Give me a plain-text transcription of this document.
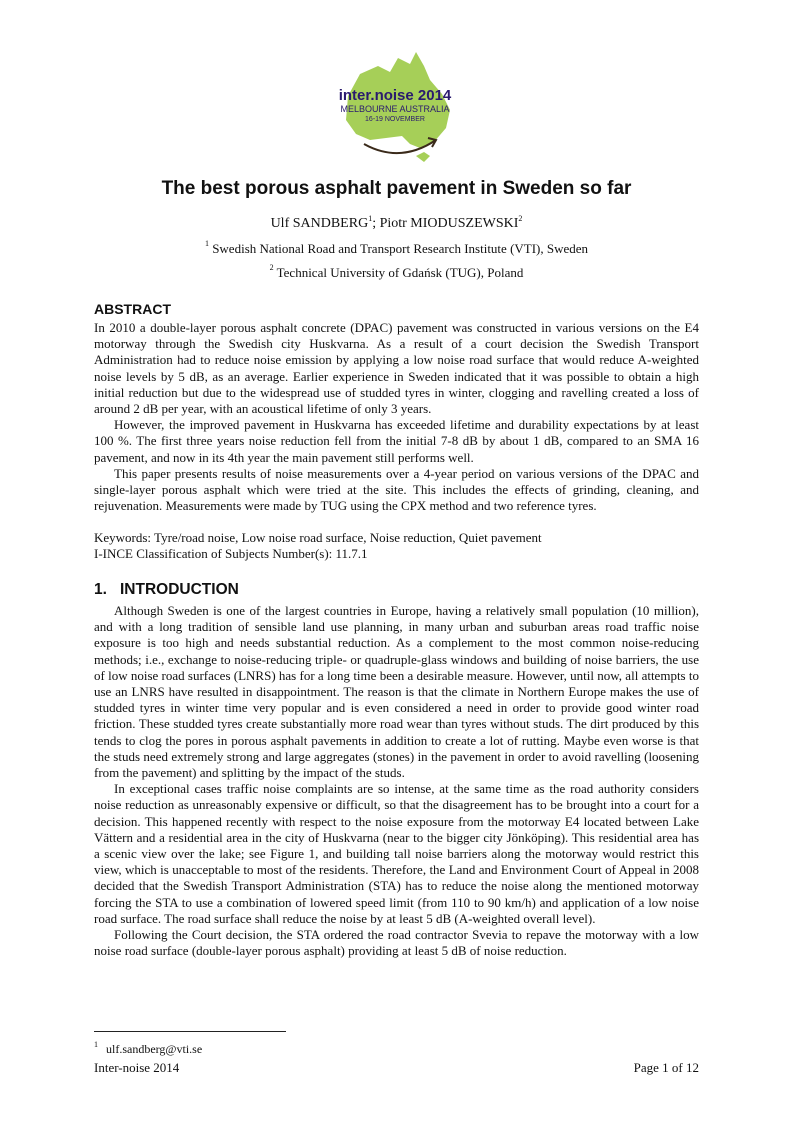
inter.noise 2014
MELBOURNE AUSTRALIA
16-19 NOVEMBER
The best porous asphalt pavement in Sweden so far
Ulf SANDBERG$^1$; Piotr MIODUSZEWSKI$^2$
$^1$ Swedish National Road and Transport Research Institute (VTI), Sweden
$^2$ Technical University of Gdańsk (TUG), Poland
ABSTRACT

In 2010 a double-layer porous asphalt concrete (DPAC) pavement was constructed in various versions on the E4 motorway through the Swedish city Huskvarna. As a result of a court decision the Swedish Transport Administration had to reduce noise emission by applying a low noise road surface that would reduce A-weighted noise levels by 5 dB, as an average. Earlier experience in Sweden indicated that it was possible to obtain a high initial reduction but due to the widespread use of studded tyres in winter, clogging and ravelling created a loss of around 2 dB per year, with an acoustical lifetime of only 3 years.

However, the improved pavement in Huskvarna has exceeded lifetime and durability expectations by at least 100 %. The first three years noise reduction fell from the initial 7-8 dB by about 1 dB, compared to an SMA 16 pavement, and now in its 4th year the main pavement still performs well.

This paper presents results of noise measurements over a 4-year period on various versions of the DPAC and single-layer porous asphalt which were tried at the site. This includes the effects of grinding, cleaning, and rejuvenation. Measurements were made by TUG using the CPX method and two reference tyres.

Keywords: Tyre/road noise, Low noise road surface, Noise reduction, Quiet pavement

I-INCE Classification of Subjects Number(s): 11.7.1

1. INTRODUCTION

Although Sweden is one of the largest countries in Europe, having a relatively small population (10 million), and with a long tradition of sensible land use planning, in many urban and suburban areas road traffic noise exposure is too high and needs substantial reduction. As a complement to the most common noise-reducing methods; i.e., exchange to noise-reducing triple- or quadruple-glass windows and building of noise barriers, the use of low noise road surfaces (LNRS) has for a long time been a desirable measure. However, until now, all attempts to use an LNRS have resulted in disappointment. The reason is that the climate in Northern Europe makes the use of studded tyres in winter time very popular and is even considered a need in order to provide good winter road friction. These studded tyres create substantially more road wear than tyres without studs. The dirt produced by this tends to clog the pores in porous asphalt pavements in addition to create a lot of rutting. Maybe even worse is that the studs need extremely strong and large aggregates (stones) in the pavement in order to avoid ravelling (loosening from the pavement) and splitting by the impact of the studs.

In exceptional cases traffic noise complaints are so intense, at the same time as the road authority considers noise reduction as unreasonably expensive or difficult, so that the disagreement has to be brought into a court for a decision. This happened recently with respect to the noise exposure from the motorway E4 located between Lake Vättern and a residential area in the city of Huskvarna (near to the bigger city Jönköping). This residential area has a scenic view over the lake; see Figure 1, and building tall noise barriers along the motorway would restrict this view, which is unacceptable to most of the residents. Therefore, the Land and Environment Court of Appeal in 2008 decided that the Swedish Transport Administration (STA) has to reduce the noise along the mentioned motorway forcing the STA to use a combination of lowered speed limit (from 110 to 90 km/h) and application of a low noise road surface. The road surface shall reduce the noise by at least 5 dB (A-weighted overall level).

Following the Court decision, the STA ordered the road contractor Svevia to repave the motorway with a low noise road surface (double-layer porous asphalt) providing at least 5 dB of noise reduction.

$^1$ ulf.sandberg@vti.se
Inter-noise 2014	Page 1 of 12
